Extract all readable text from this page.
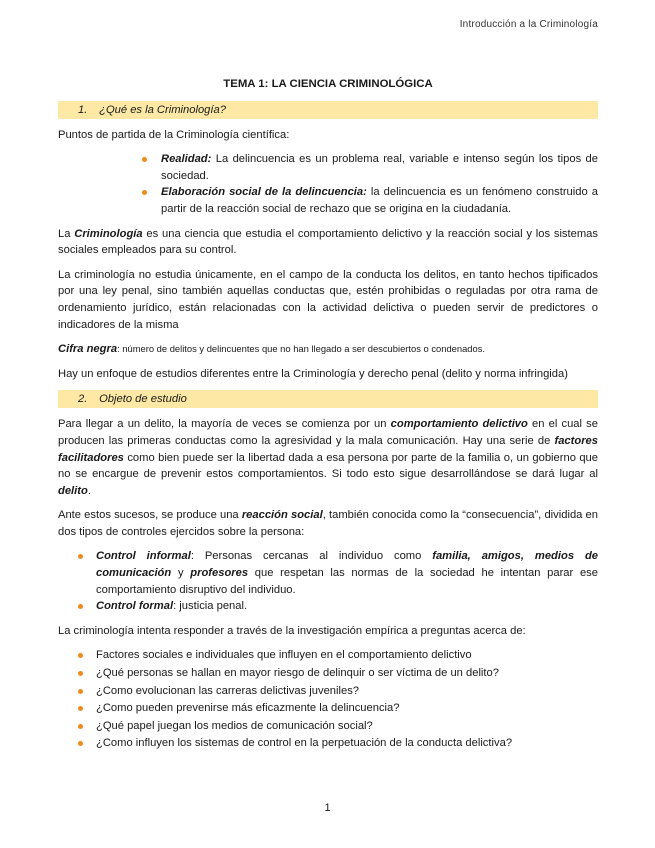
Introducción a la Criminología
TEMA 1: LA CIENCIA CRIMINOLÓGICA
1. ¿Qué es la Criminología?

Puntos de partida de la Criminología científica:

Realidad: La delincuencia es un problema real, variable e intenso según los tipos de sociedad.
Elaboración social de la delincuencia: la delincuencia es un fenómeno construido a partir de la reacción social de rechazo que se origina en la ciudadanía.

La Criminología es una ciencia que estudia el comportamiento delictivo y la reacción social y los sistemas sociales empleados para su control.

La criminología no estudia únicamente, en el campo de la conducta los delitos, en tanto hechos tipificados por una ley penal, sino también aquellas conductas que, estén prohibidas o reguladas por otra rama de ordenamiento jurídico, están relacionadas con la actividad delictiva o pueden servir de predictores o indicadores de la misma

Cifra negra: número de delitos y delincuentes que no han llegado a ser descubiertos o condenados.

Hay un enfoque de estudios diferentes entre la Criminología y derecho penal (delito y norma infringida)

2. Objeto de estudio

Para llegar a un delito, la mayoría de veces se comienza por un comportamiento delictivo en el cual se producen las primeras conductas como la agresividad y la mala comunicación. Hay una serie de factores facilitadores como bien puede ser la libertad dada a esa persona por parte de la familia o, un gobierno que no se encargue de prevenir estos comportamientos. Si todo esto sigue desarrollándose se dará lugar al delito.

Ante estos sucesos, se produce una reacción social, también conocida como la “consecuencia”, dividida en dos tipos de controles ejercidos sobre la persona:

Control informal: Personas cercanas al individuo como familia, amigos, medios de comunicación y profesores que respetan las normas de la sociedad he intentan parar ese comportamiento disruptivo del individuo.
Control formal: justicia penal.

La criminología intenta responder a través de la investigación empírica a preguntas acerca de:

Factores sociales e individuales que influyen en el comportamiento delictivo
¿Qué personas se hallan en mayor riesgo de delinquir o ser víctima de un delito?
¿Como evolucionan las carreras delictivas juveniles?
¿Como pueden prevenirse más eficazmente la delincuencia?
¿Qué papel juegan los medios de comunicación social?
¿Como influyen los sistemas de control en la perpetuación de la conducta delictiva?
1
